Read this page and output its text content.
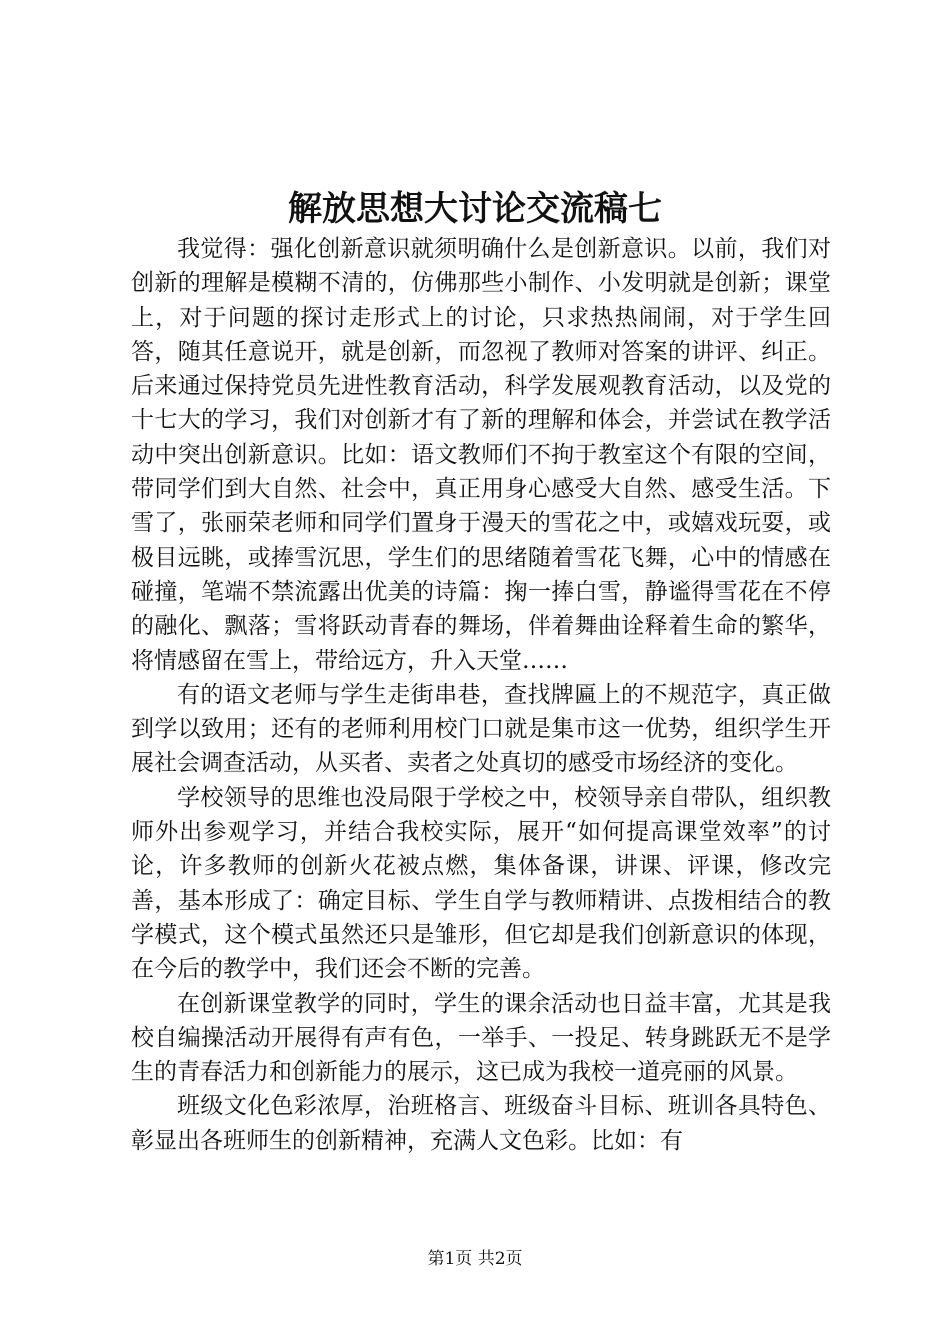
解放思想大讨论交流稿七

我觉得：强化创新意识就须明确什么是创新意识。以前，我们对创新的理解是模糊不清的，仿佛那些小制作、小发明就是创新；课堂上，对于问题的探讨走形式上的讨论，只求热热闹闹，对于学生回答，随其任意说开，就是创新，而忽视了教师对答案的讲评、纠正。后来通过保持党员先进性教育活动，科学发展观教育活动，以及党的十七大的学习，我们对创新才有了新的理解和体会，并尝试在教学活动中突出创新意识。比如：语文教师们不拘于教室这个有限的空间，带同学们到大自然、社会中，真正用身心感受大自然、感受生活。下雪了，张丽荣老师和同学们置身于漫天的雪花之中，或嬉戏玩耍，或极目远眺，或捧雪沉思，学生们的思绪随着雪花飞舞，心中的情感在碰撞，笔端不禁流露出优美的诗篇：掬一捧白雪，静谧得雪花在不停的融化、飘落；雪将跃动青春的舞场，伴着舞曲诠释着生命的繁华，将情感留在雪上，带给远方，升入天堂……

有的语文老师与学生走街串巷，查找牌匾上的不规范字，真正做到学以致用；还有的老师利用校门口就是集市这一优势，组织学生开展社会调查活动，从买者、卖者之处真切的感受市场经济的变化。

学校领导的思维也没局限于学校之中，校领导亲自带队，组织教师外出参观学习，并结合我校实际，展开“如何提高课堂效率”的讨论，许多教师的创新火花被点燃，集体备课，讲课、评课，修改完善，基本形成了：确定目标、学生自学与教师精讲、点拨相结合的教学模式，这个模式虽然还只是雏形，但它却是我们创新意识的体现，在今后的教学中，我们还会不断的完善。

在创新课堂教学的同时，学生的课余活动也日益丰富，尤其是我校自编操活动开展得有声有色，一举手、一投足、转身跳跃无不是学生的青春活力和创新能力的展示，这已成为我校一道亮丽的风景。

班级文化色彩浓厚，治班格言、班级奋斗目标、班训各具特色、彰显出各班师生的创新精神，充满人文色彩。比如：有

第1页 共2页
